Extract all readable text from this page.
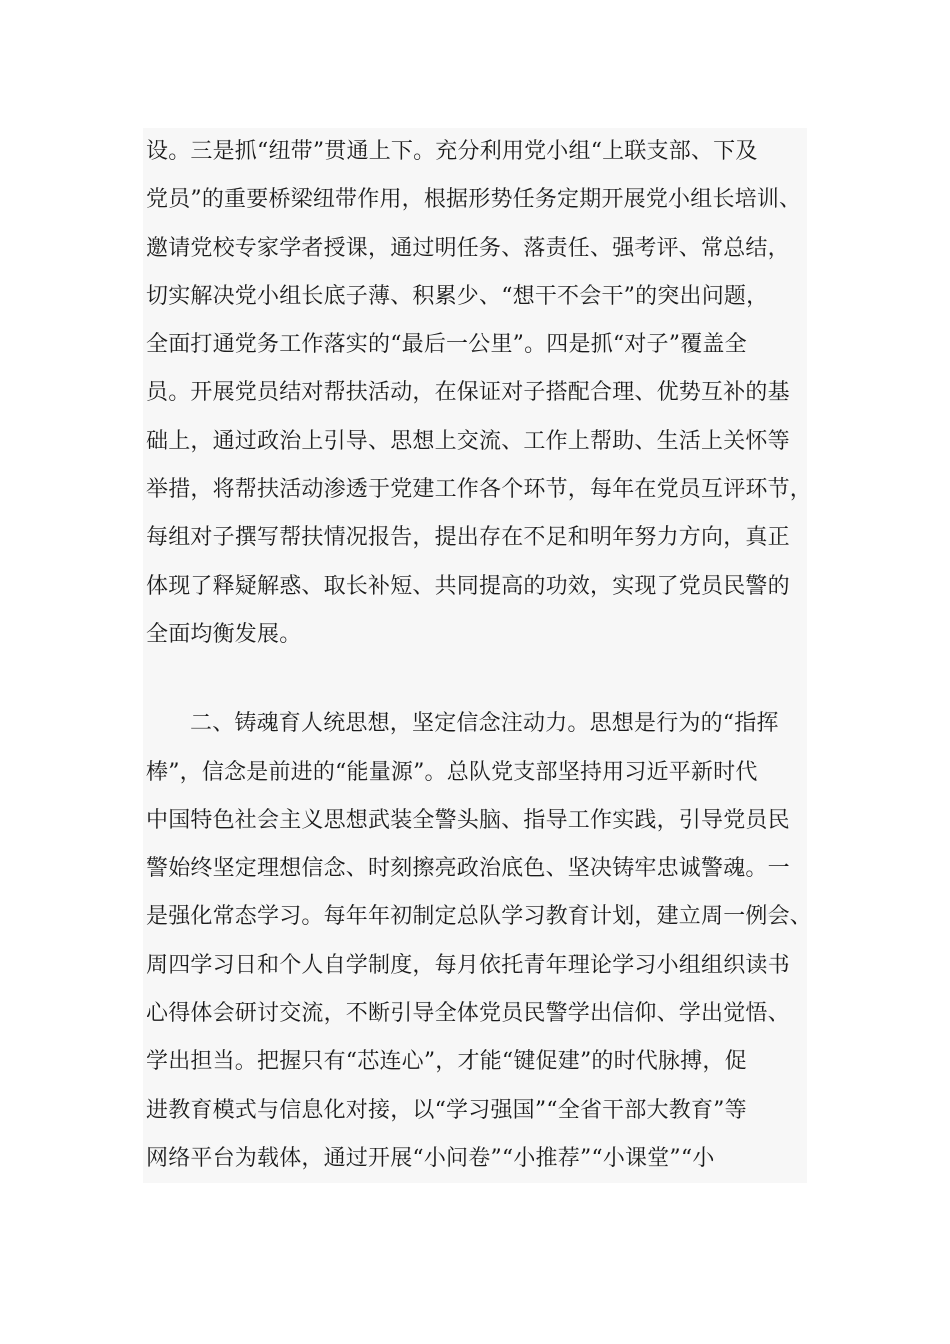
设。三是抓“纽带”贯通上下。充分利用党小组“上联支部、下及
党员”的重要桥梁纽带作用，根据形势任务定期开展党小组长培训、
邀请党校专家学者授课，通过明任务、落责任、强考评、常总结，
切实解决党小组长底子薄、积累少、“想干不会干”的突出问题，
全面打通党务工作落实的“最后一公里”。四是抓“对子”覆盖全
员。开展党员结对帮扶活动，在保证对子搭配合理、优势互补的基
础上，通过政治上引导、思想上交流、工作上帮助、生活上关怀等
举措，将帮扶活动渗透于党建工作各个环节，每年在党员互评环节，
每组对子撰写帮扶情况报告，提出存在不足和明年努力方向，真正
体现了释疑解惑、取长补短、共同提高的功效，实现了党员民警的
全面均衡发展。
二、铸魂育人统思想，坚定信念注动力。思想是行为的“指挥
棒”，信念是前进的“能量源”。总队党支部坚持用习近平新时代
中国特色社会主义思想武装全警头脑、指导工作实践，引导党员民
警始终坚定理想信念、时刻擦亮政治底色、坚决铸牢忠诚警魂。一
是强化常态学习。每年年初制定总队学习教育计划，建立周一例会、
周四学习日和个人自学制度，每月依托青年理论学习小组组织读书
心得体会研讨交流，不断引导全体党员民警学出信仰、学出觉悟、
学出担当。把握只有“芯连心”，才能“键促建”的时代脉搏，促
进教育模式与信息化对接，以“学习强国”“全省干部大教育”等
网络平台为载体，通过开展“小问卷”“小推荐”“小课堂”“小
